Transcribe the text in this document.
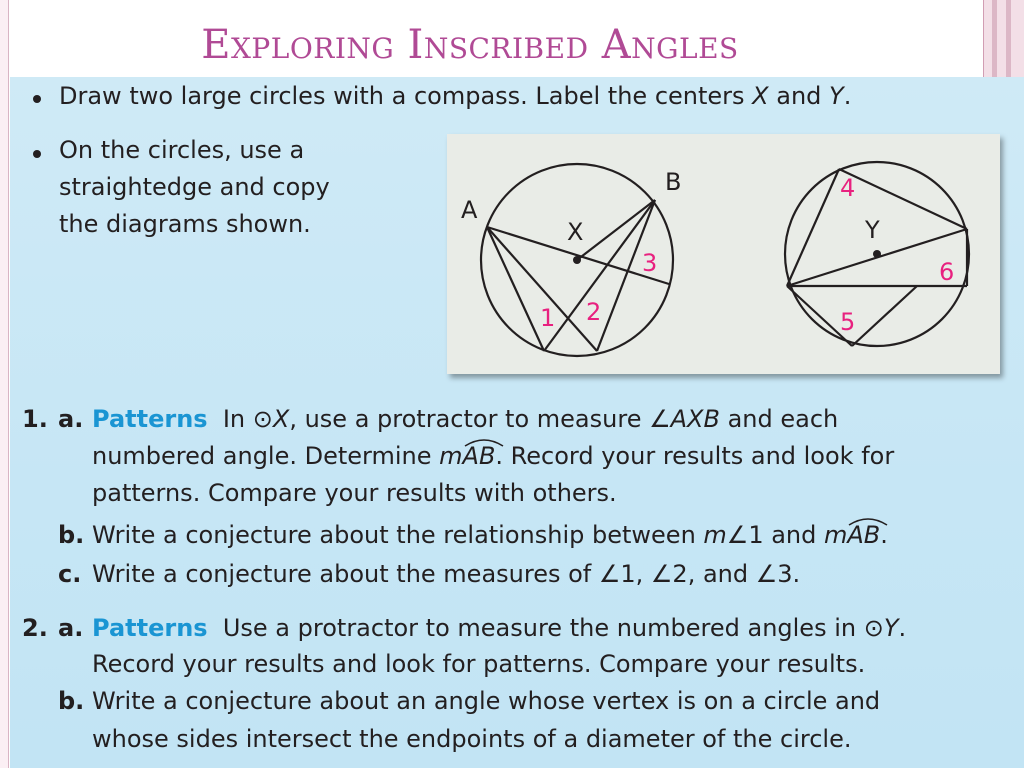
Exploring Inscribed Angles
Draw two large circles with a compass. Label the centers X and Y.
On the circles, use a
straightedge and copy
the diagrams shown.	A
B
X
1 2
3
Y
4
5
6
1. a. Patterns In ⊙X, use a protractor to measure ∠AXB and each
numbered angle. Determine mAB
. Record your results and look for
patterns. Compare your results with others.
b. Write a conjecture about the relationship between m∠1 and mAB
.
c. Write a conjecture about the measures of ∠1, ∠2, and ∠3.
2. a. Patterns Use a protractor to measure the numbered angles in ⊙Y.
Record your results and look for patterns. Compare your results.
b. Write a conjecture about an angle whose vertex is on a circle and
whose sides intersect the endpoints of a diameter of the circle.
